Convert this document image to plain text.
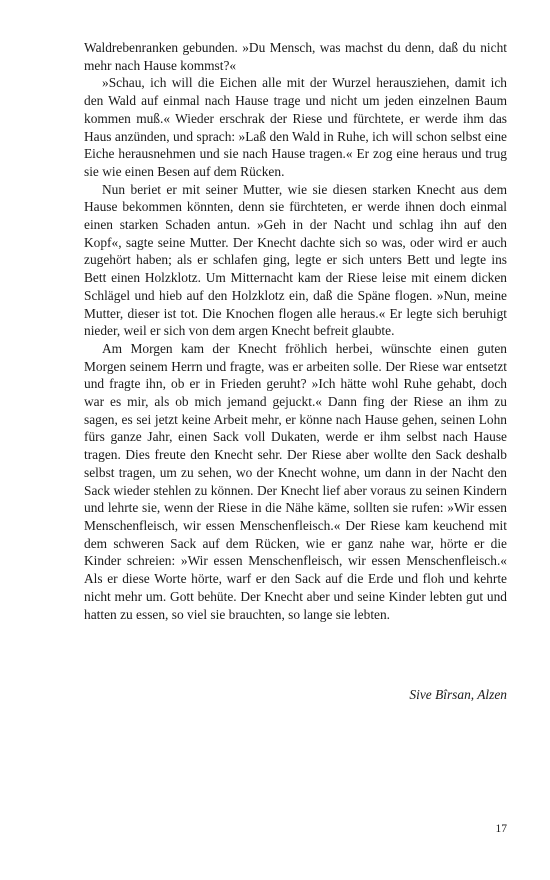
Waldrebenranken gebunden. »Du Mensch, was machst du denn, daß du nicht mehr nach Hause kommst?«

»Schau, ich will die Eichen alle mit der Wurzel herausziehen, damit ich den Wald auf einmal nach Hause trage und nicht um jeden einzelnen Baum kommen muß.« Wieder erschrak der Riese und fürchtete, er werde ihm das Haus anzünden, und sprach: »Laß den Wald in Ruhe, ich will schon selbst eine Eiche herausnehmen und sie nach Hause tragen.« Er zog eine heraus und trug sie wie einen Besen auf dem Rücken.

Nun beriet er mit seiner Mutter, wie sie diesen starken Knecht aus dem Hause bekommen könnten, denn sie fürchteten, er werde ihnen doch einmal einen starken Schaden antun. »Geh in der Nacht und schlag ihn auf den Kopf«, sagte seine Mutter. Der Knecht dachte sich so was, oder wird er auch zugehört haben; als er schlafen ging, legte er sich unters Bett und legte ins Bett einen Holzklotz. Um Mitternacht kam der Riese leise mit einem dicken Schlägel und hieb auf den Holzklotz ein, daß die Späne flogen. »Nun, meine Mutter, dieser ist tot. Die Knochen flogen alle heraus.« Er legte sich beruhigt nieder, weil er sich von dem argen Knecht befreit glaubte.

Am Morgen kam der Knecht fröhlich herbei, wünschte einen guten Morgen seinem Herrn und fragte, was er arbeiten solle. Der Riese war entsetzt und fragte ihn, ob er in Frieden geruht? »Ich hätte wohl Ruhe gehabt, doch war es mir, als ob mich jemand gejuckt.« Dann fing der Riese an ihm zu sagen, es sei jetzt keine Arbeit mehr, er könne nach Hause gehen, seinen Lohn fürs ganze Jahr, einen Sack voll Dukaten, werde er ihm selbst nach Hause tragen. Dies freute den Knecht sehr. Der Riese aber wollte den Sack deshalb selbst tragen, um zu sehen, wo der Knecht wohne, um dann in der Nacht den Sack wieder stehlen zu können. Der Knecht lief aber voraus zu seinen Kindern und lehrte sie, wenn der Riese in die Nähe käme, sollten sie rufen: »Wir essen Menschenfleisch, wir essen Menschenfleisch.« Der Riese kam keuchend mit dem schweren Sack auf dem Rücken, wie er ganz nahe war, hörte er die Kinder schreien: »Wir essen Menschenfleisch, wir essen Menschenfleisch.« Als er diese Worte hörte, warf er den Sack auf die Erde und floh und kehrte nicht mehr um. Gott behüte. Der Knecht aber und seine Kinder lebten gut und hatten zu essen, so viel sie brauchten, so lange sie lebten.

Sive Bîrsan, Alzen
17
